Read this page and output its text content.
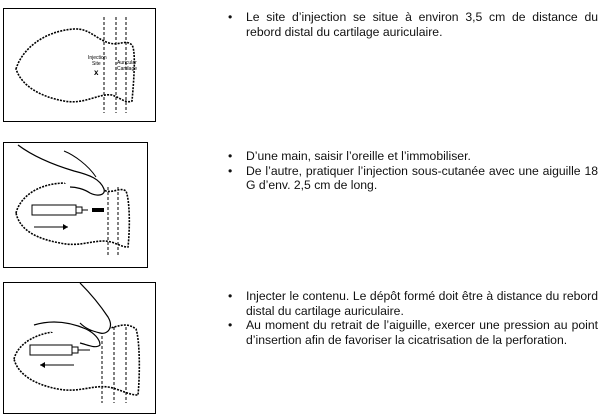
Injection
Site
x
Auricular
Cartilage
• Le site d’injection se situe à environ 3,5 cm de distance du rebord distal du cartilage auriculaire.
• D’une main, saisir l’oreille et l’immobiliser.
• De l’autre, pratiquer l’injection sous-cutanée avec une aiguille 18 G d’env. 2,5 cm de long.
• Injecter le contenu. Le dépôt formé doit être à distance du rebord distal du cartilage auriculaire.
• Au moment du retrait de l’aiguille, exercer une pression au point d’insertion afin de favoriser la cicatrisation de la perforation.
